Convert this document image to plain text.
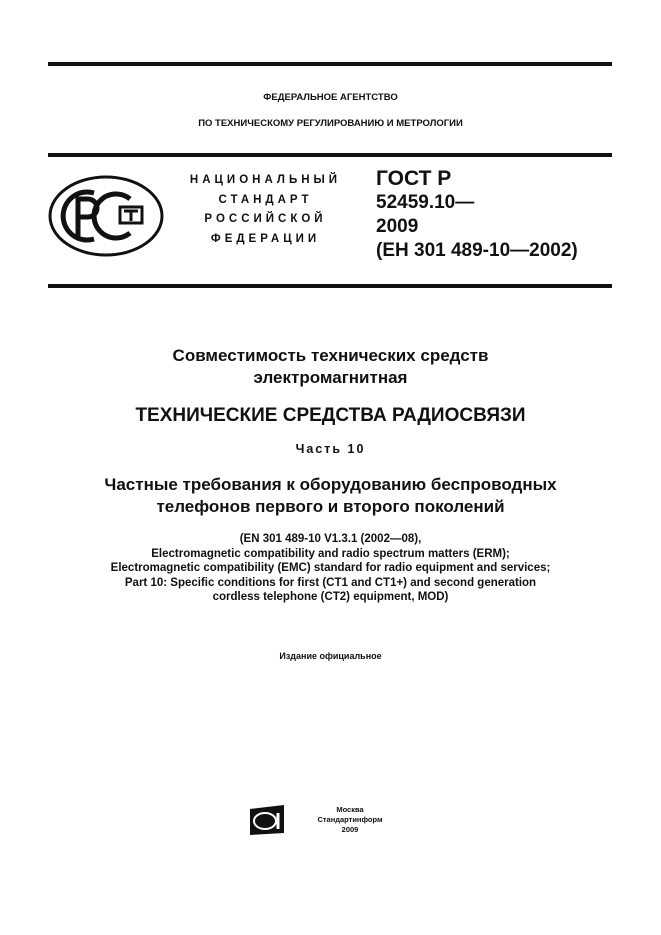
ФЕДЕРАЛЬНОЕ АГЕНТСТВО
ПО ТЕХНИЧЕСКОМУ РЕГУЛИРОВАНИЮ И МЕТРОЛОГИИ
НАЦИОНАЛЬНЫЙ
СТАНДАРТ
РОССИЙСКОЙ
ФЕДЕРАЦИИ
ГОСТ Р
52459.10—
2009
(ЕН 301 489-10—2002)
Совместимость технических средств
электромагнитная
ТЕХНИЧЕСКИЕ СРЕДСТВА РАДИОСВЯЗИ
Часть 10
Частные требования к оборудованию беспроводных
телефонов первого и второго поколений
(EN 301 489-10 V1.3.1 (2002—08),
Electromagnetic compatibility and radio spectrum matters (ERM);
Electromagnetic compatibility (EMC) standard for radio equipment and services;
Part 10: Specific conditions for first (CT1 and CT1+) and second generation
cordless telephone (CT2) equipment, MOD)
Издание официальное
Москва
Стандартинформ
2009
